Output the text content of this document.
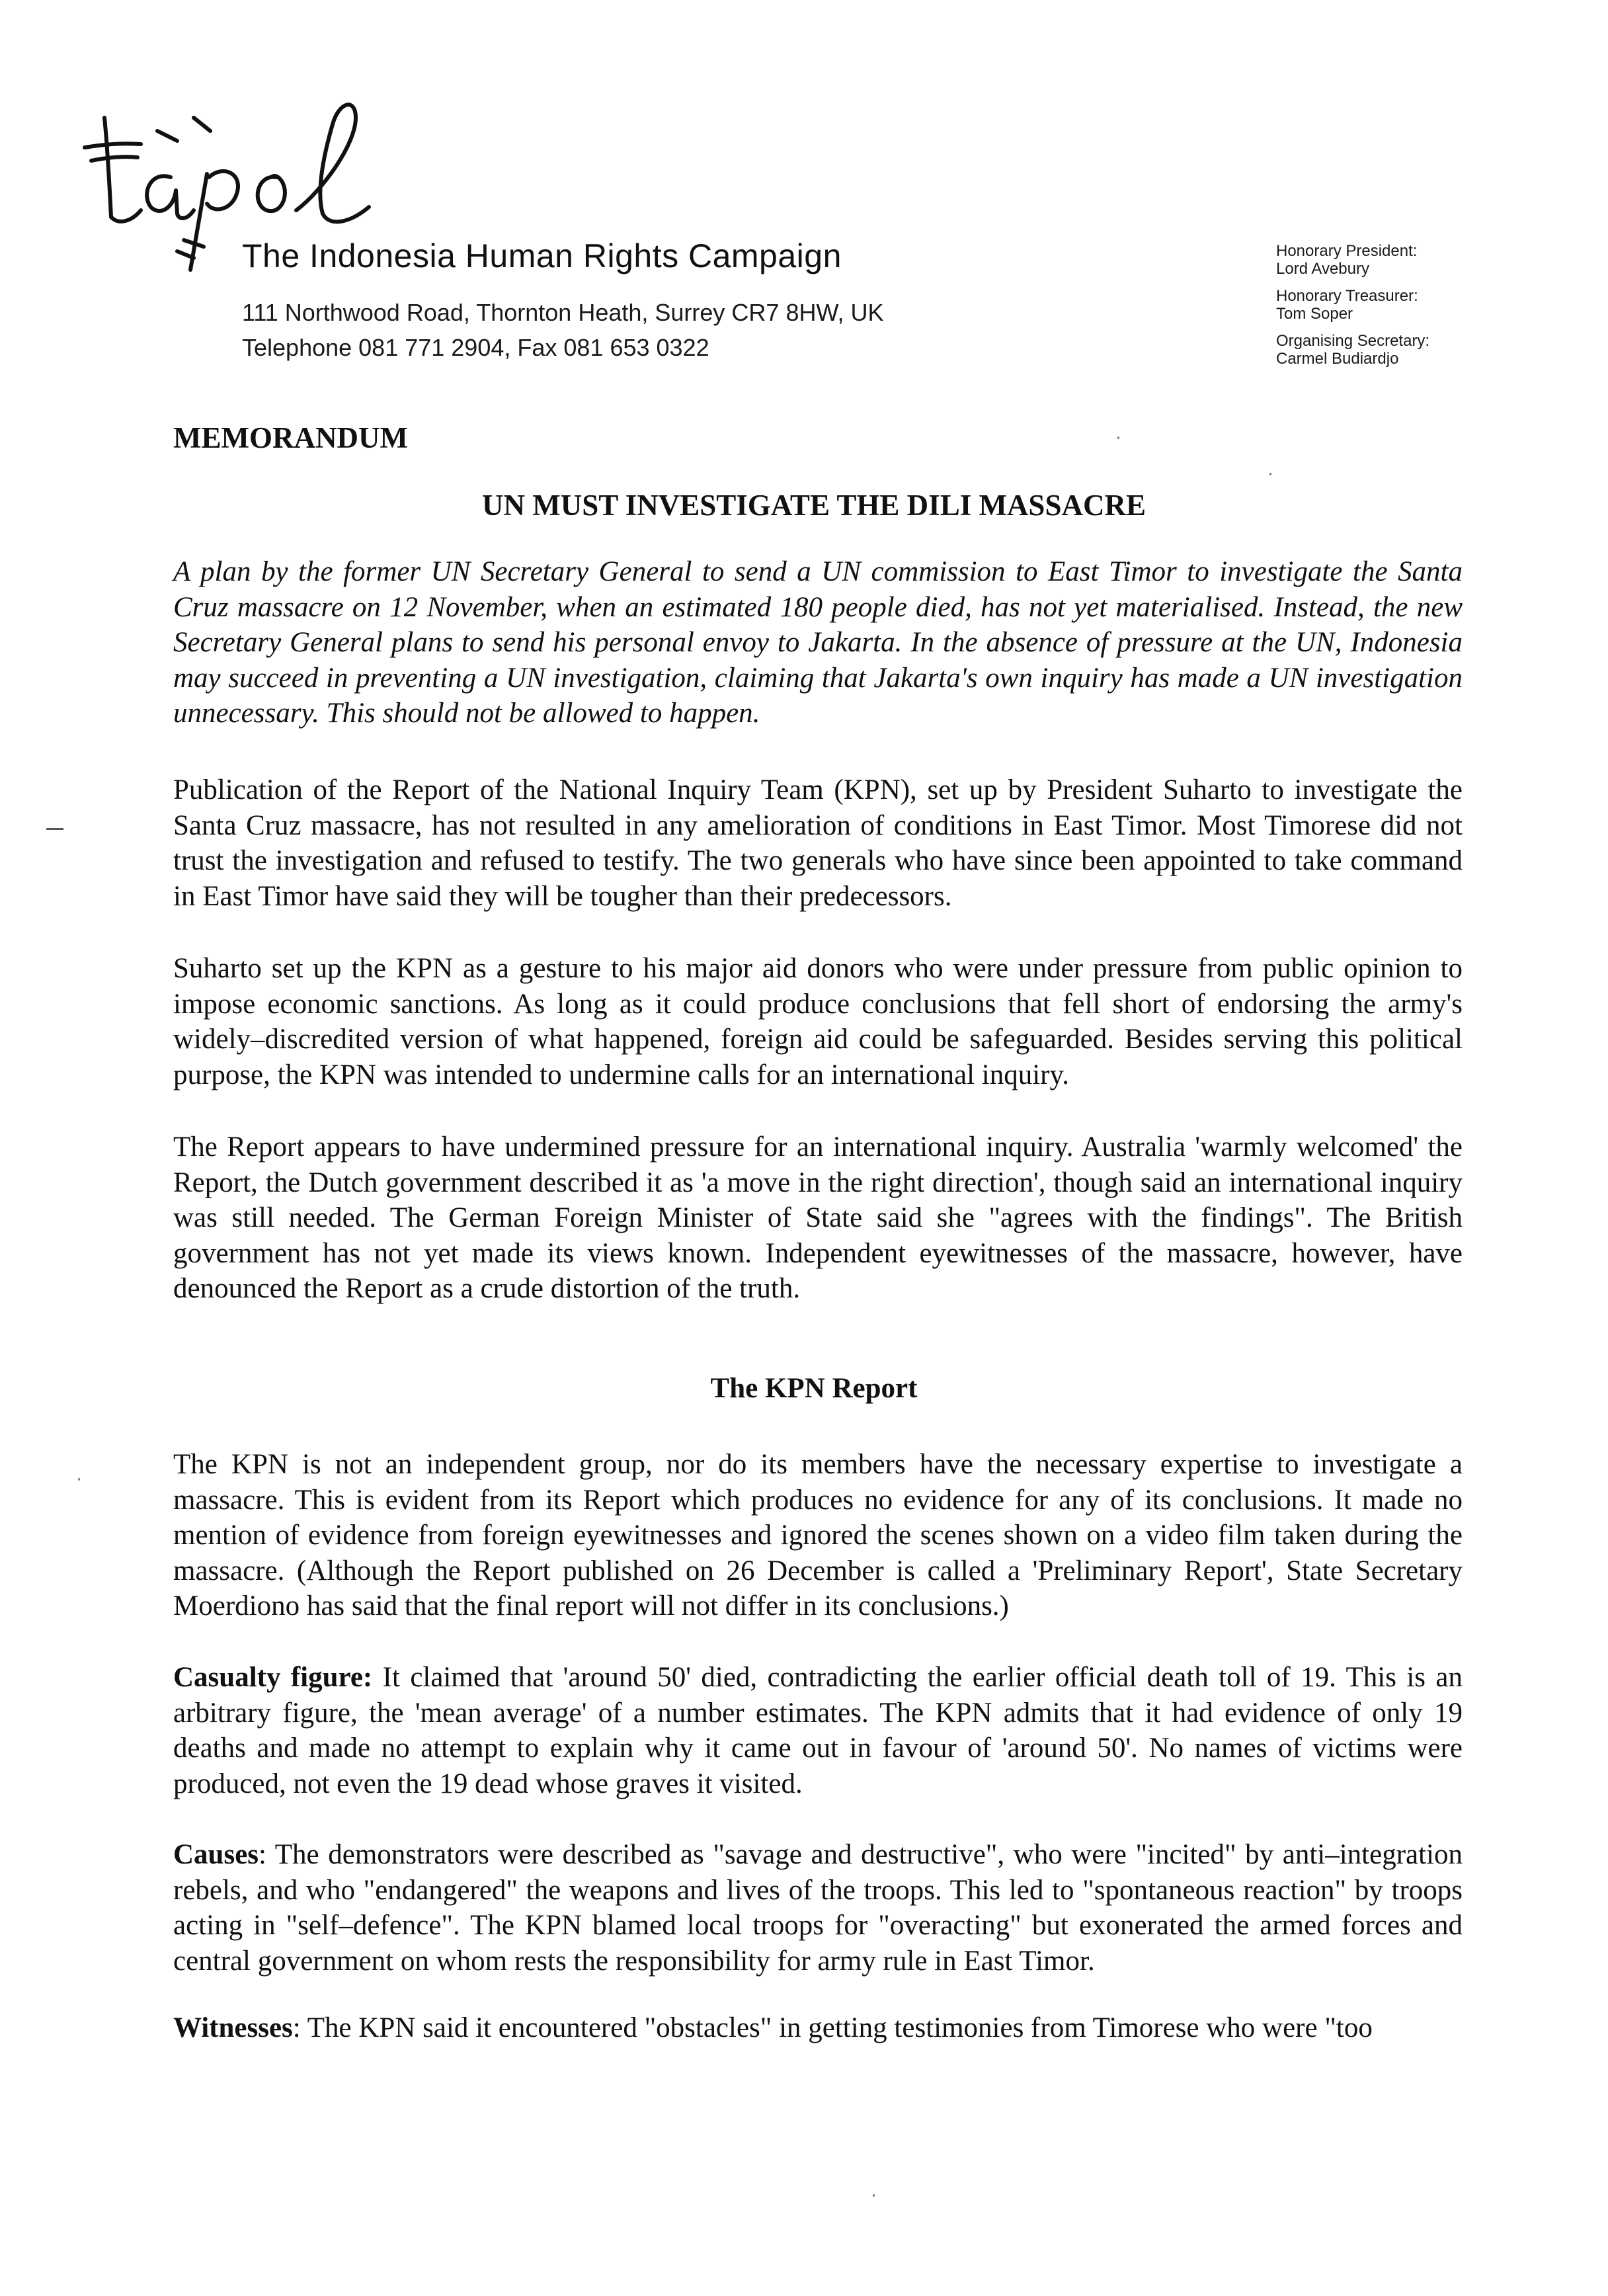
The Indonesia Human Rights Campaign
111 Northwood Road, Thornton Heath, Surrey CR7 8HW, UK
Telephone 081 771 2904, Fax 081 653 0322
Honorary President:
Lord Avebury
Honorary Treasurer:
Tom Soper
Organising Secretary:
Carmel Budiardjo
MEMORANDUM
UN MUST INVESTIGATE THE DILI MASSACRE
A plan by the former UN Secretary General to send a UN commission to East Timor to investigate the Santa Cruz massacre on 12 November, when an estimated 180 people died, has not yet materialised. Instead, the new Secretary General plans to send his personal envoy to Jakarta. In the absence of pressure at the UN, Indonesia may succeed in preventing a UN investigation, claiming that Jakarta's own inquiry has made a UN investigation unnecessary. This should not be allowed to happen.
Publication of the Report of the National Inquiry Team (KPN), set up by President Suharto to investigate the Santa Cruz massacre, has not resulted in any amelioration of conditions in East Timor. Most Timorese did not trust the investigation and refused to testify. The two generals who have since been appointed to take command in East Timor have said they will be tougher than their predecessors.
Suharto set up the KPN as a gesture to his major aid donors who were under pressure from public opinion to impose economic sanctions. As long as it could produce conclusions that fell short of endorsing the army's widely–discredited version of what happened, foreign aid could be safeguarded. Besides serving this political purpose, the KPN was intended to undermine calls for an international inquiry.
The Report appears to have undermined pressure for an international inquiry. Australia 'warmly welcomed' the Report, the Dutch government described it as 'a move in the right direction', though said an international inquiry was still needed. The German Foreign Minister of State said she "agrees with the findings". The British government has not yet made its views known. Independent eyewitnesses of the massacre, however, have denounced the Report as a crude distortion of the truth.
The KPN Report
The KPN is not an independent group, nor do its members have the necessary expertise to investigate a massacre. This is evident from its Report which produces no evidence for any of its conclusions. It made no mention of evidence from foreign eyewitnesses and ignored the scenes shown on a video film taken during the massacre. (Although the Report published on 26 December is called a 'Preliminary Report', State Secretary Moerdiono has said that the final report will not differ in its conclusions.)
Casualty figure: It claimed that 'around 50' died, contradicting the earlier official death toll of 19. This is an arbitrary figure, the 'mean average' of a number estimates. The KPN admits that it had evidence of only 19 deaths and made no attempt to explain why it came out in favour of 'around 50'. No names of victims were produced, not even the 19 dead whose graves it visited.
Causes: The demonstrators were described as "savage and destructive", who were "incited" by anti–integration rebels, and who "endangered" the weapons and lives of the troops. This led to "spontaneous reaction" by troops acting in "self–defence". The KPN blamed local troops for "overacting" but exonerated the armed forces and central government on whom rests the responsibility for army rule in East Timor.
Witnesses: The KPN said it encountered "obstacles" in getting testimonies from Timorese who were "too
